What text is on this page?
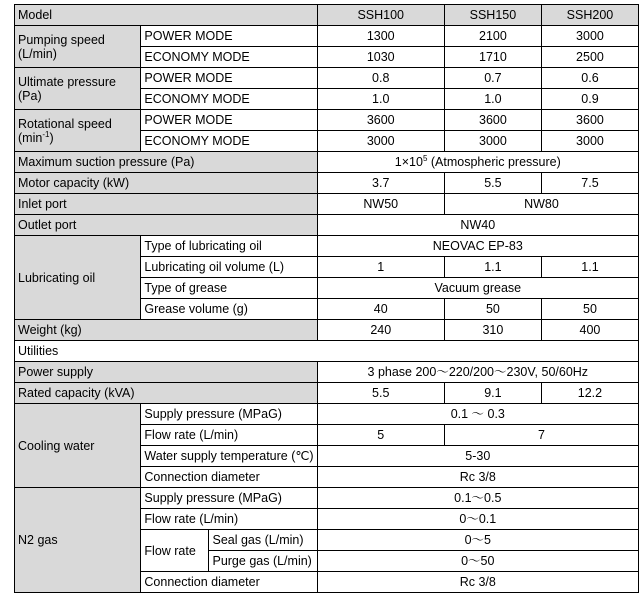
Model			SSH100	SSH150	SSH200
Pumping speed (L/min)	POWER MODE		1300	2100	3000
	ECONOMY MODE		1030	1710	2500
Ultimate pressure (Pa)	POWER MODE		0.8	0.7	0.6
	ECONOMY MODE		1.0	1.0	0.9
Rotational speed $(\min^{-1})$	POWER MODE		3600	3600	3600
	ECONOMY MODE		3000	3000	3000
Maximum suction pressure (Pa)			$1\times 10^5$ (Atmospheric pressure)		
Motor capacity (kW)			3.7	5.5	7.5
Inlet port			NW50	NW80	
Outlet port			NW40		
Lubricating oil	Type of lubricating oil		NEOVAC EP-83		
	Lubricating oil volume (L)		1	1.1	1.1
	Type of grease		Vacuum grease		
	Grease volume (g)		40	50	50
Weight (kg)			240	310	400
Utilities					
Power supply			3 phase 200～220/200～230V, 50/60Hz		
Rated capacity (kVA)			5.5	9.1	12.2
Cooling water	Supply pressure (MPaG)		0.1 ～ 0.3		
	Flow rate (L/min)		5	7	
	Water supply temperature (℃)		5-30		
	Connection diameter		Rc 3/8		
N2 gas	Supply pressure (MPaG)		0.1～0.5		
	Flow rate (L/min)		0～0.1		
	Flow rate	Seal gas (L/min)	0～5		
		Purge gas (L/min)	0～50		
	Connection diameter		Rc 3/8		
